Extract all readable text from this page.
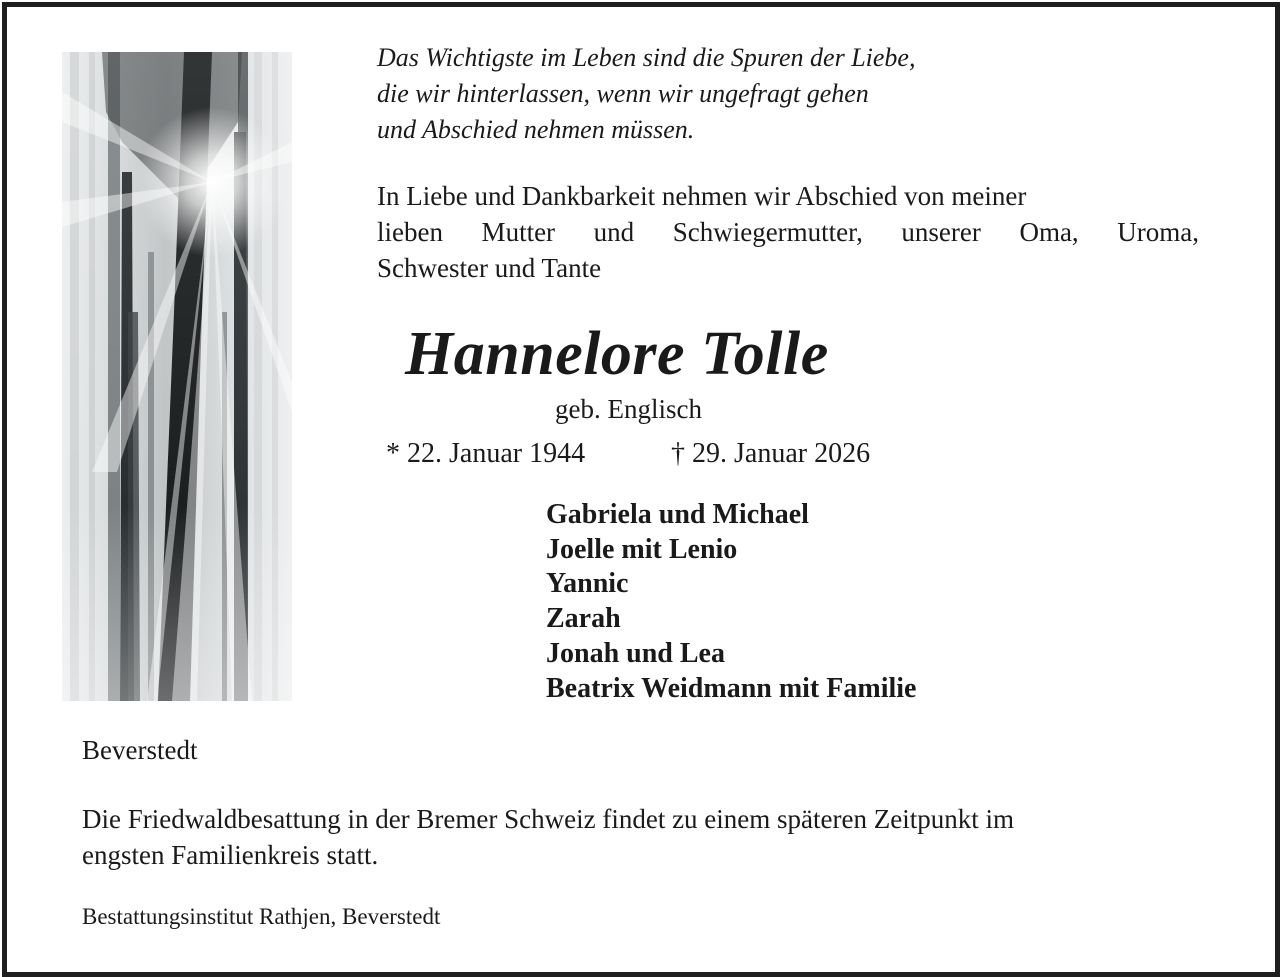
Das Wichtigste im Leben sind die Spuren der Liebe,
die wir hinterlassen, wenn wir ungefragt gehen
und Abschied nehmen müssen.
In Liebe und Dankbarkeit nehmen wir Abschied von meiner
lieben Mutter und Schwiegermutter, unserer Oma, Uroma,
Schwester und Tante
Hannelore Tolle
geb. Englisch
* 22. Januar 1944	† 29. Januar 2026
Gabriela und Michael
Joelle mit Lenio
Yannic
Zarah
Jonah und Lea
Beatrix Weidmann mit Familie
Beverstedt
Die Friedwaldbesattung in der Bremer Schweiz findet zu einem späteren Zeitpunkt im
engsten Familienkreis statt.
Bestattungsinstitut Rathjen, Beverstedt
